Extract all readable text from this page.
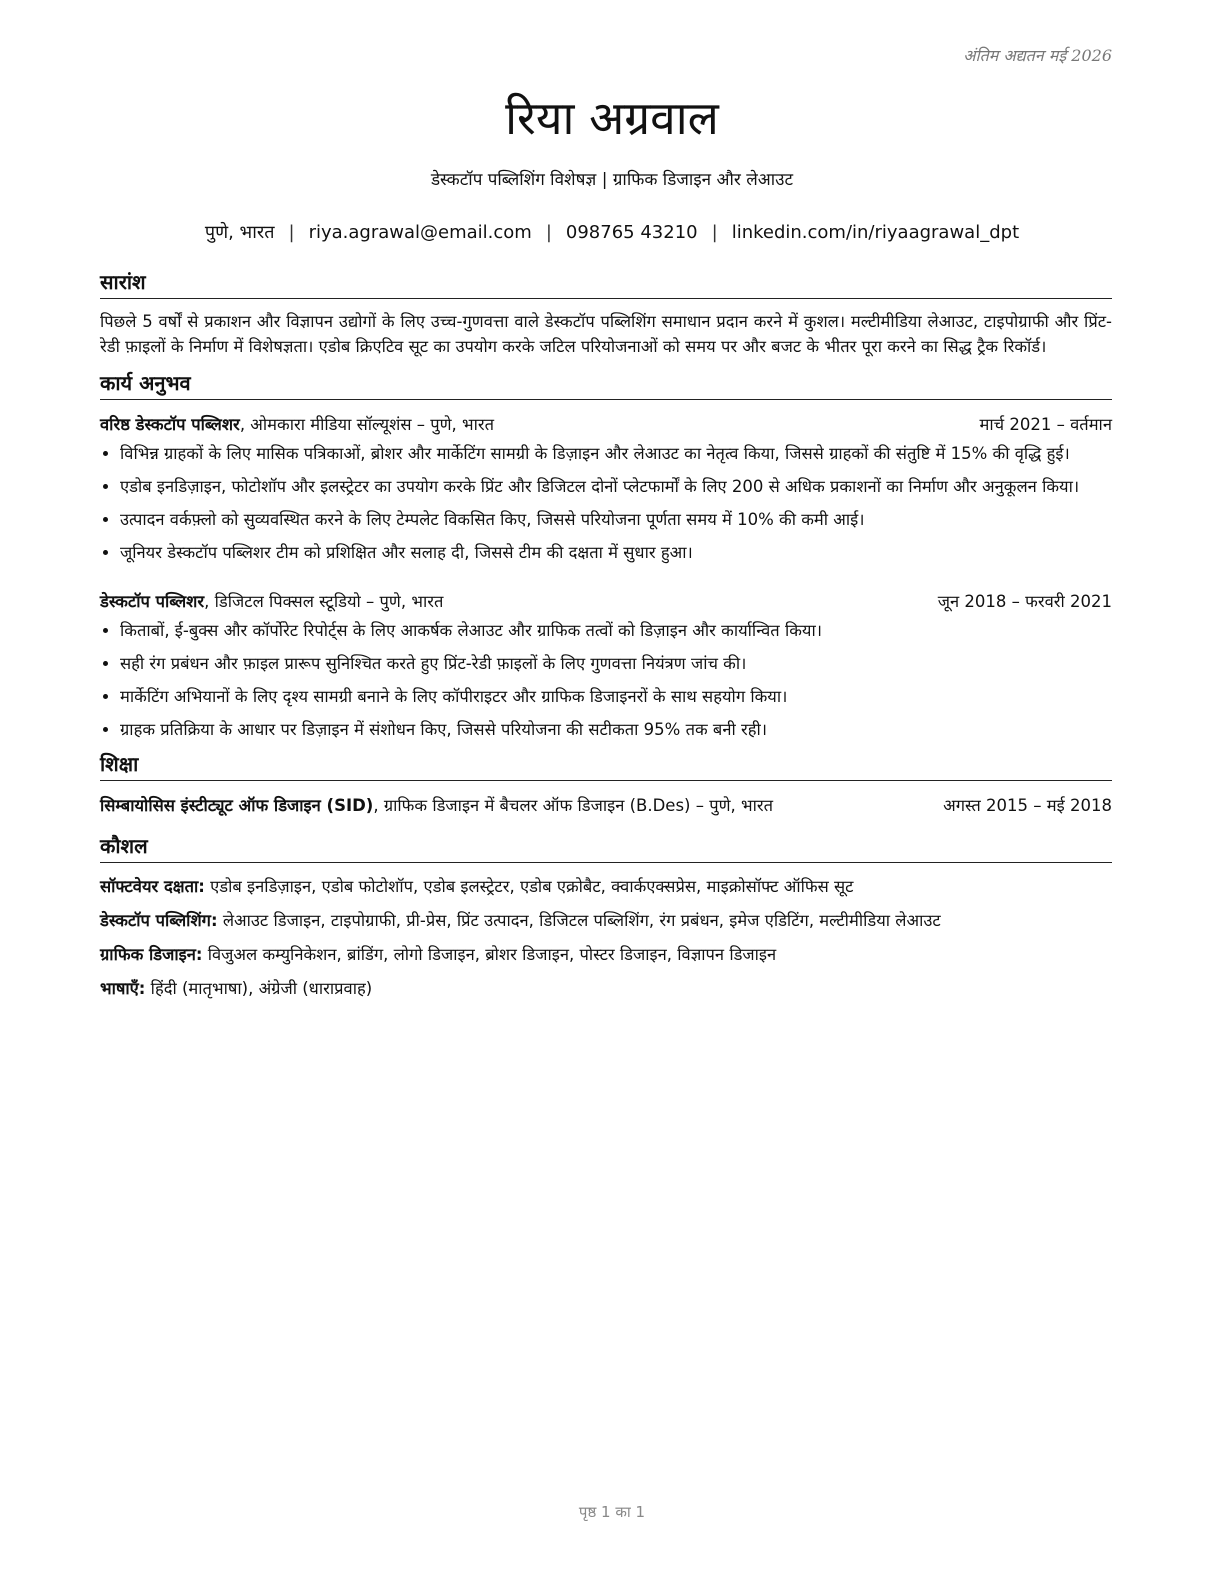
अंतिम अद्यतन मई 2026
रिया अग्रवाल
डेस्कटॉप पब्लिशिंग विशेषज्ञ | ग्राफिक डिजाइन और लेआउट
पुणे, भारत | riya.agrawal@email.com | 098765 43210 | linkedin.com/in/riyaagrawal_dpt
सारांश

पिछले 5 वर्षों से प्रकाशन और विज्ञापन उद्योगों के लिए उच्च-गुणवत्ता वाले डेस्कटॉप पब्लिशिंग समाधान प्रदान करने में कुशल। मल्टीमीडिया लेआउट, टाइपोग्राफी और प्रिंट-रेडी फ़ाइलों के निर्माण में विशेषज्ञता। एडोब क्रिएटिव सूट का उपयोग करके जटिल परियोजनाओं को समय पर और बजट के भीतर पूरा करने का सिद्ध ट्रैक रिकॉर्ड।

कार्य अनुभव
वरिष्ठ डेस्कटॉप पब्लिशर, ओमकारा मीडिया सॉल्यूशंस – पुणे, भारत	मार्च 2021 – वर्तमान
• विभिन्न ग्राहकों के लिए मासिक पत्रिकाओं, ब्रोशर और मार्केटिंग सामग्री के डिज़ाइन और लेआउट का नेतृत्व किया, जिससे ग्राहकों की संतुष्टि में 15% की वृद्धि हुई।
• एडोब इनडिज़ाइन, फोटोशॉप और इलस्ट्रेटर का उपयोग करके प्रिंट और डिजिटल दोनों प्लेटफार्मों के लिए 200 से अधिक प्रकाशनों का निर्माण और अनुकूलन किया।
• उत्पादन वर्कफ़्लो को सुव्यवस्थित करने के लिए टेम्पलेट विकसित किए, जिससे परियोजना पूर्णता समय में 10% की कमी आई।
• जूनियर डेस्कटॉप पब्लिशर टीम को प्रशिक्षित और सलाह दी, जिससे टीम की दक्षता में सुधार हुआ।
डेस्कटॉप पब्लिशर, डिजिटल पिक्सल स्टूडियो – पुणे, भारत	जून 2018 – फरवरी 2021
• किताबों, ई-बुक्स और कॉर्पोरेट रिपोर्ट्स के लिए आकर्षक लेआउट और ग्राफिक तत्वों को डिज़ाइन और कार्यान्वित किया।
• सही रंग प्रबंधन और फ़ाइल प्रारूप सुनिश्चित करते हुए प्रिंट-रेडी फ़ाइलों के लिए गुणवत्ता नियंत्रण जांच की।
• मार्केटिंग अभियानों के लिए दृश्य सामग्री बनाने के लिए कॉपीराइटर और ग्राफिक डिजाइनरों के साथ सहयोग किया।
• ग्राहक प्रतिक्रिया के आधार पर डिज़ाइन में संशोधन किए, जिससे परियोजना की सटीकता 95% तक बनी रही।
शिक्षा
सिम्बायोसिस इंस्टीट्यूट ऑफ डिजाइन (SID), ग्राफिक डिजाइन में बैचलर ऑफ डिजाइन (B.Des) – पुणे, भारत	अगस्त 2015 – मई 2018
कौशल
सॉफ्टवेयर दक्षता: एडोब इनडिज़ाइन, एडोब फोटोशॉप, एडोब इलस्ट्रेटर, एडोब एक्रोबैट, क्वार्कएक्सप्रेस, माइक्रोसॉफ्ट ऑफिस सूट
डेस्कटॉप पब्लिशिंग: लेआउट डिजाइन, टाइपोग्राफी, प्री-प्रेस, प्रिंट उत्पादन, डिजिटल पब्लिशिंग, रंग प्रबंधन, इमेज एडिटिंग, मल्टीमीडिया लेआउट
ग्राफिक डिजाइन: विजुअल कम्युनिकेशन, ब्रांडिंग, लोगो डिजाइन, ब्रोशर डिजाइन, पोस्टर डिजाइन, विज्ञापन डिजाइन
भाषाएँ: हिंदी (मातृभाषा), अंग्रेजी (धाराप्रवाह)
पृष्ठ 1 का 1
